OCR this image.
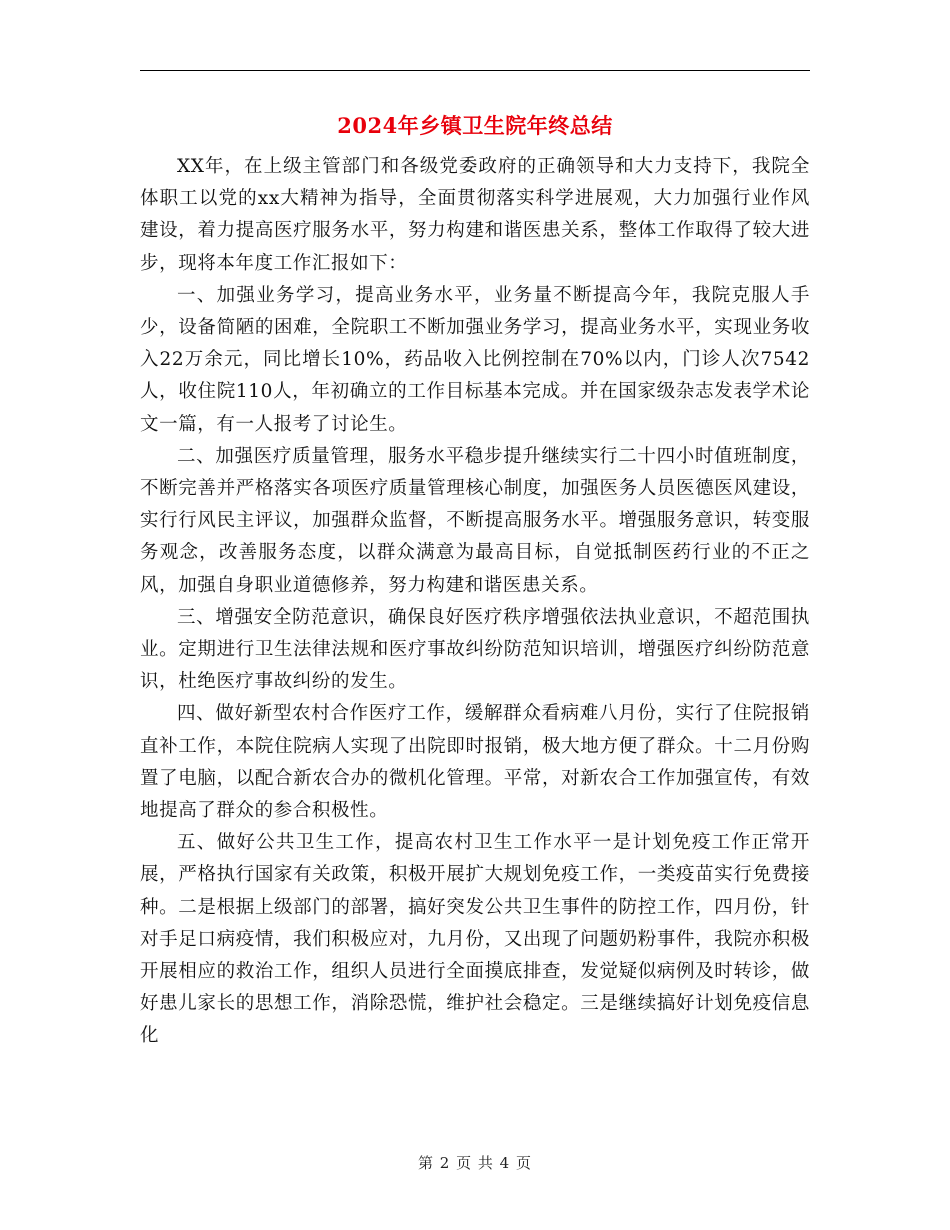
2024年乡镇卫生院年终总结

XX年，在上级主管部门和各级党委政府的正确领导和大力支持下，我院全体职工以党的xx大精神为指导，全面贯彻落实科学进展观，大力加强行业作风建设，着力提高医疗服务水平，努力构建和谐医患关系，整体工作取得了较大进步，现将本年度工作汇报如下：

一、加强业务学习，提高业务水平，业务量不断提高今年，我院克服人手少，设备简陋的困难，全院职工不断加强业务学习，提高业务水平，实现业务收入22万余元，同比增长10%，药品收入比例控制在70%以内，门诊人次7542人，收住院110人，年初确立的工作目标基本完成。并在国家级杂志发表学术论文一篇，有一人报考了讨论生。

二、加强医疗质量管理，服务水平稳步提升继续实行二十四小时值班制度，不断完善并严格落实各项医疗质量管理核心制度，加强医务人员医德医风建设，实行行风民主评议，加强群众监督，不断提高服务水平。增强服务意识，转变服务观念，改善服务态度，以群众满意为最高目标，自觉抵制医药行业的不正之风，加强自身职业道德修养，努力构建和谐医患关系。

三、增强安全防范意识，确保良好医疗秩序增强依法执业意识，不超范围执业。定期进行卫生法律法规和医疗事故纠纷防范知识培训，增强医疗纠纷防范意识，杜绝医疗事故纠纷的发生。

四、做好新型农村合作医疗工作，缓解群众看病难八月份，实行了住院报销直补工作，本院住院病人实现了出院即时报销，极大地方便了群众。十二月份购置了电脑，以配合新农合办的微机化管理。平常，对新农合工作加强宣传，有效地提高了群众的参合积极性。

五、做好公共卫生工作，提高农村卫生工作水平一是计划免疫工作正常开展，严格执行国家有关政策，积极开展扩大规划免疫工作，一类疫苗实行免费接种。二是根据上级部门的部署，搞好突发公共卫生事件的防控工作，四月份，针对手足口病疫情，我们积极应对，九月份，又出现了问题奶粉事件，我院亦积极开展相应的救治工作，组织人员进行全面摸底排查，发觉疑似病例及时转诊，做好患儿家长的思想工作，消除恐慌，维护社会稳定。三是继续搞好计划免疫信息化

第 2 页 共 4 页
